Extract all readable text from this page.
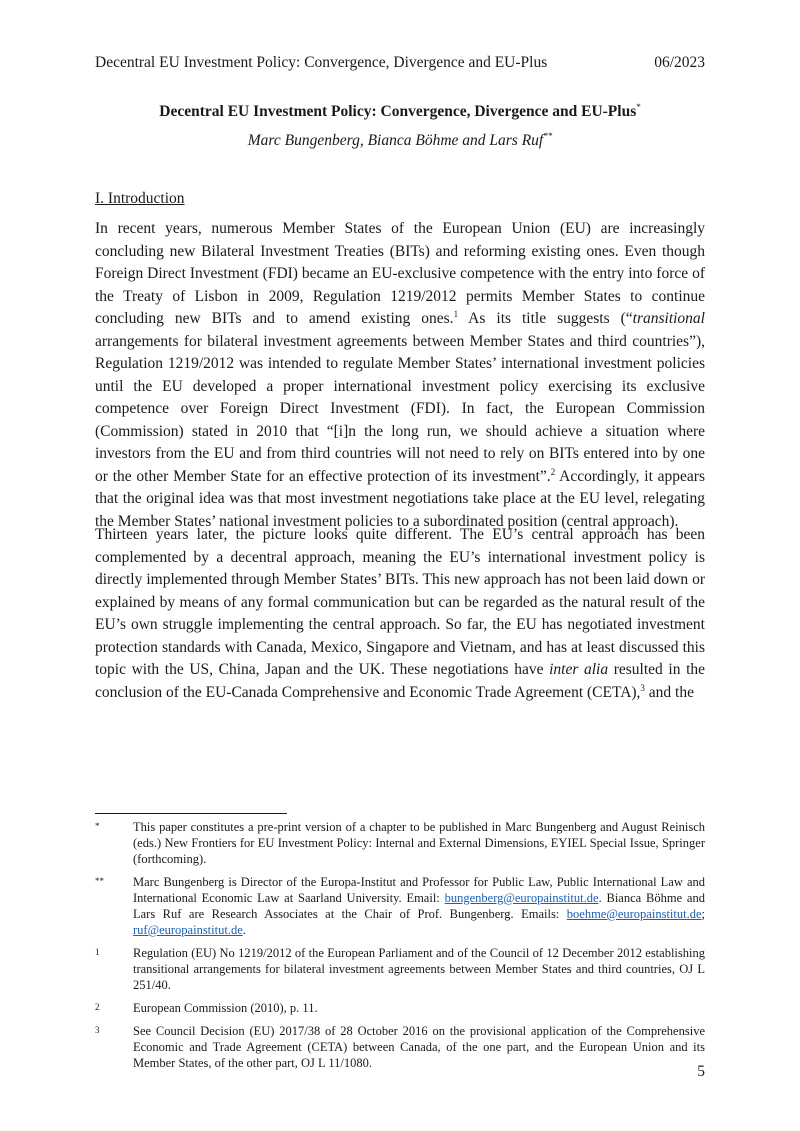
Decentral EU Investment Policy: Convergence, Divergence and EU-Plus	06/2023
Decentral EU Investment Policy: Convergence, Divergence and EU-Plus*
Marc Bungenberg, Bianca Böhme and Lars Ruf**
I. Introduction

In recent years, numerous Member States of the European Union (EU) are increasingly concluding new Bilateral Investment Treaties (BITs) and reforming existing ones. Even though Foreign Direct Investment (FDI) became an EU-exclusive competence with the entry into force of the Treaty of Lisbon in 2009, Regulation 1219/2012 permits Member States to continue concluding new BITs and to amend existing ones.$^1$ As its title suggests (“transitional arrangements for bilateral investment agreements between Member States and third countries”), Regulation 1219/2012 was intended to regulate Member States’ international investment policies until the EU developed a proper international investment policy exercising its exclusive competence over Foreign Direct Investment (FDI). In fact, the European Commission (Commission) stated in 2010 that “[i]n the long run, we should achieve a situation where investors from the EU and from third countries will not need to rely on BITs entered into by one or the other Member State for an effective protection of its investment”.$^2$ Accordingly, it appears that the original idea was that most investment negotiations take place at the EU level, relegating the Member States’ national investment policies to a subordinated position (central approach).

Thirteen years later, the picture looks quite different. The EU’s central approach has been complemented by a decentral approach, meaning the EU’s international investment policy is directly implemented through Member States’ BITs. This new approach has not been laid down or explained by means of any formal communication but can be regarded as the natural result of the EU’s own struggle implementing the central approach. So far, the EU has negotiated investment protection standards with Canada, Mexico, Singapore and Vietnam, and has at least discussed this topic with the US, China, Japan and the UK. These negotiations have inter alia resulted in the conclusion of the EU-Canada Comprehensive and Economic Trade Agreement (CETA),$^3$ and the

*	This paper constitutes a pre-print version of a chapter to be published in Marc Bungenberg and August Reinisch (eds.) New Frontiers for EU Investment Policy: Internal and External Dimensions, EYIEL Special Issue, Springer (forthcoming).
**	Marc Bungenberg is Director of the Europa-Institut and Professor for Public Law, Public International Law and International Economic Law at Saarland University. Email: bungenberg@europainstitut.de. Bianca Böhme and Lars Ruf are Research Associates at the Chair of Prof. Bungenberg. Emails: boehme@europainstitut.de; ruf@europainstitut.de.
1	Regulation (EU) No 1219/2012 of the European Parliament and of the Council of 12 December 2012 establishing transitional arrangements for bilateral investment agreements between Member States and third countries, OJ L 251/40.
2	European Commission (2010), p. 11.
3	See Council Decision (EU) 2017/38 of 28 October 2016 on the provisional application of the Comprehensive Economic and Trade Agreement (CETA) between Canada, of the one part, and the European Union and its Member States, of the other part, OJ L 11/1080.	5
